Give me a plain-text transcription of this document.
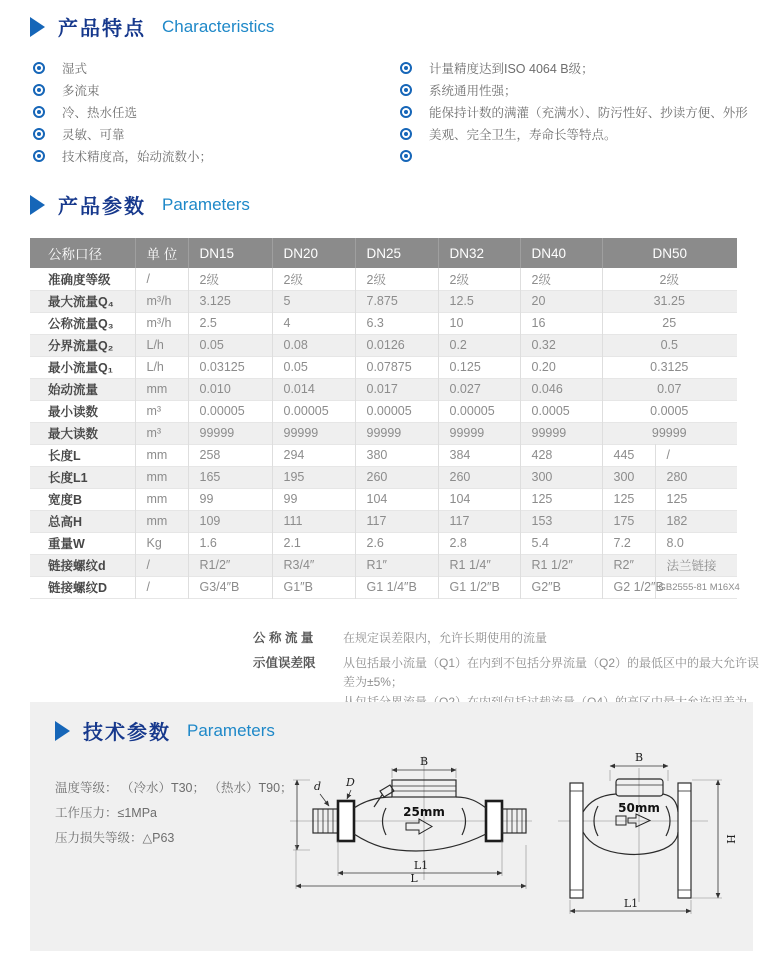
产品特点 Characteristics
湿式
多流束
冷、热水任选
灵敏、可靠
技术精度高，始动流数小；
计量精度达到ISO 4064 B级；
系统通用性强；
能保持计数的满灌（充满水）、防污性好、抄读方便、外形
美观、完全卫生，寿命长等特点。
产品参数 Parameters
公称口径	单 位	DN15	DN20	DN25	DN32	DN40	DN50	
准确度等级	/	2级	2级	2级	2级	2级	2级	
最大流量Q₄	m³/h	3.125	5	7.875	12.5	20	31.25	
公称流量Q₃	m³/h	2.5	4	6.3	10	16	25	
分界流量Q₂	L/h	0.05	0.08	0.0126	0.2	0.32	0.5	
最小流量Q₁	L/h	0.03125	0.05	0.07875	0.125	0.20	0.3125	
始动流量	mm	0.010	0.014	0.017	0.027	0.046	0.07	
最小读数	m³	0.00005	0.00005	0.00005	0.00005	0.0005	0.0005	
最大读数	m³	99999	99999	99999	99999	99999	99999	
长度L	mm	258	294	380	384	428	445	/
长度L1	mm	165	195	260	260	300	300	280
宽度B	mm	99	99	104	104	125	125	125
总高H	mm	109	111	117	117	153	175	182
重量W	Kg	1.6	2.1	2.6	2.8	5.4	7.2	8.0
链接螺纹d	/	R1/2″	R3/4″	R1″	R1 1/4″	R1 1/2″	R2″	法兰链接
链接螺纹D	/	G3/4″B	G1″B	G1 1/4″B	G1 1/2″B	G2″B	G2 1/2″B	GB2555-81 M16X4
公 称 流 量	在规定误差限内，允许长期使用的流量
示值误差限	从包括最小流量（Q1）在内到不包括分界流量（Q2）的最低区中的最大允许误差为±5%；
技术参数 Parameters
温度等级： （冷水）T30； （热水）T90；
工作压力：≤1MPa
压力损失等级：△P63
B
d D
25mm
L1
L
B
50mm
H
L1
